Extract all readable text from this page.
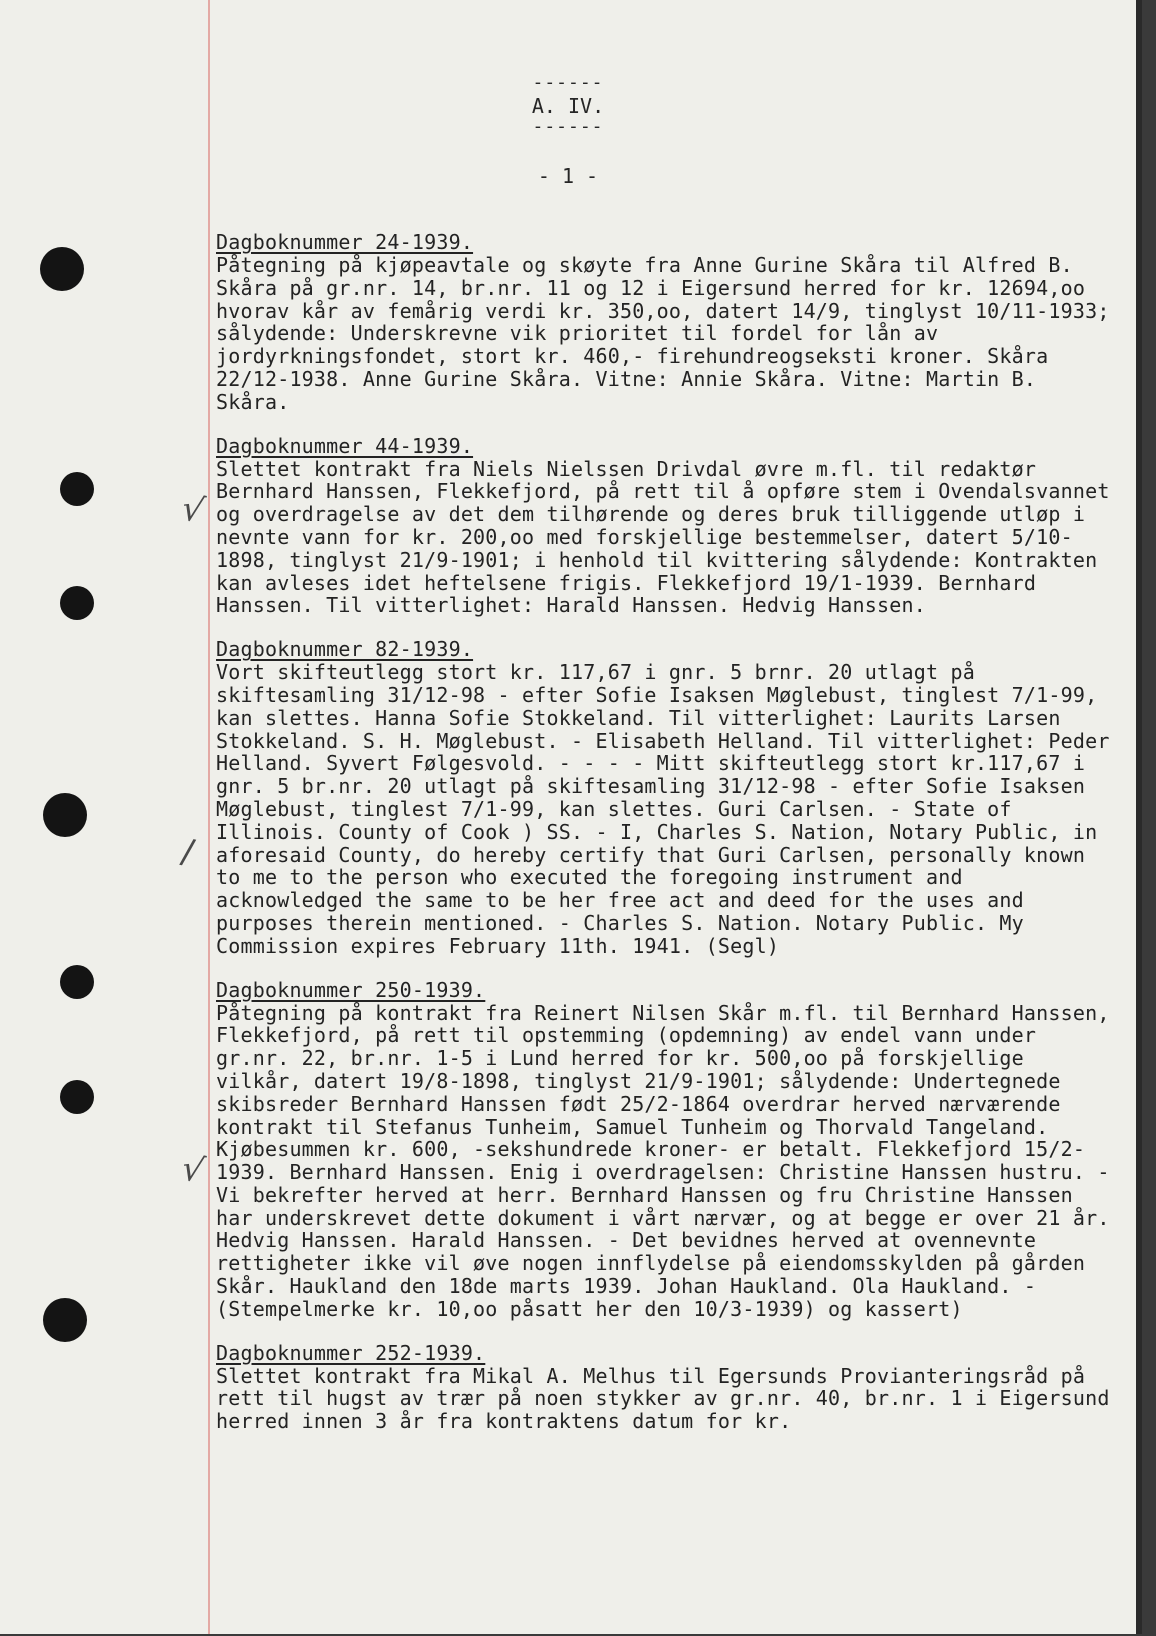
√
/
√
------
A. IV.
------
- 1 -
Dagboknummer 24-1939.

Påtegning på kjøpeavtale og skøyte fra Anne Gurine Skåra til Alfred B. Skåra på gr.nr. 14, br.nr. 11 og 12 i Eigersund herred for kr. 12694,oo hvorav kår av femårig verdi kr. 350,oo, datert 14/9, tinglyst 10/11-1933; sålydende: Underskrevne vik prioritet til fordel for lån av jordyrkningsfondet, stort kr. 460,- firehundreogseksti kroner. Skåra 22/12-1938. Anne Gurine Skåra. Vitne: Annie Skåra. Vitne: Martin B. Skåra.

Dagboknummer 44-1939.

Slettet kontrakt fra Niels Nielssen Drivdal øvre m.fl. til redaktør Bernhard Hanssen, Flekkefjord, på rett til å opføre stem i Ovendalsvannet og overdragelse av det dem tilhørende og deres bruk tilliggende utløp i nevnte vann for kr. 200,oo med forskjellige bestemmelser, datert 5/10-1898, tinglyst 21/9-1901; i henhold til kvittering sålydende: Kontrakten kan avleses idet heftelsene frigis. Flekkefjord 19/1-1939. Bernhard Hanssen. Til vitterlighet: Harald Hanssen. Hedvig Hanssen.

Dagboknummer 82-1939.

Vort skifteutlegg stort kr. 117,67 i gnr. 5 brnr. 20 utlagt på skiftesamling 31/12-98 - efter Sofie Isaksen Møglebust, tinglest 7/1-99, kan slettes. Hanna Sofie Stokkeland. Til vitterlighet: Laurits Larsen Stokkeland. S. H. Møglebust. - Elisabeth Helland. Til vitterlighet: Peder Helland. Syvert Følgesvold. - - - - Mitt skifteutlegg stort kr.117,67 i gnr. 5 br.nr. 20 utlagt på skiftesamling 31/12-98 - efter Sofie Isaksen Møglebust, tinglest 7/1-99, kan slettes. Guri Carlsen. - State of Illinois. County of Cook ) SS. - I, Charles S. Nation, Notary Public, in aforesaid County, do hereby certify that Guri Carlsen, personally known to me to the person who executed the foregoing instrument and acknowledged the same to be her free act and deed for the uses and purposes therein mentioned. - Charles S. Nation. Notary Public. My Commission expires February 11th. 1941. (Segl)

Dagboknummer 250-1939.

Påtegning på kontrakt fra Reinert Nilsen Skår m.fl. til Bernhard Hanssen, Flekkefjord, på rett til opstemming (opdemning) av endel vann under gr.nr. 22, br.nr. 1-5 i Lund herred for kr. 500,oo på forskjellige vilkår, datert 19/8-1898, tinglyst 21/9-1901; sålydende: Undertegnede skibsreder Bernhard Hanssen født 25/2-1864 overdrar herved nærværende kontrakt til Stefanus Tunheim, Samuel Tunheim og Thorvald Tangeland. Kjøbesummen kr. 600, -sekshundrede kroner- er betalt. Flekkefjord 15/2-1939. Bernhard Hanssen. Enig i overdragelsen: Christine Hanssen hustru. - Vi bekrefter herved at herr. Bernhard Hanssen og fru Christine Hanssen har underskrevet dette dokument i vårt nærvær, og at begge er over 21 år. Hedvig Hanssen. Harald Hanssen. - Det bevidnes herved at ovennevnte rettigheter ikke vil øve nogen innflydelse på eiendomsskylden på gården Skår. Haukland den 18de marts 1939. Johan Haukland. Ola Haukland. -(Stempelmerke kr. 10,oo påsatt her den 10/3-1939) og kassert)

Dagboknummer 252-1939.

Slettet kontrakt fra Mikal A. Melhus til Egersunds Provianteringsråd på rett til hugst av trær på noen stykker av gr.nr. 40, br.nr. 1 i Eigersund herred innen 3 år fra kontraktens datum for kr.
